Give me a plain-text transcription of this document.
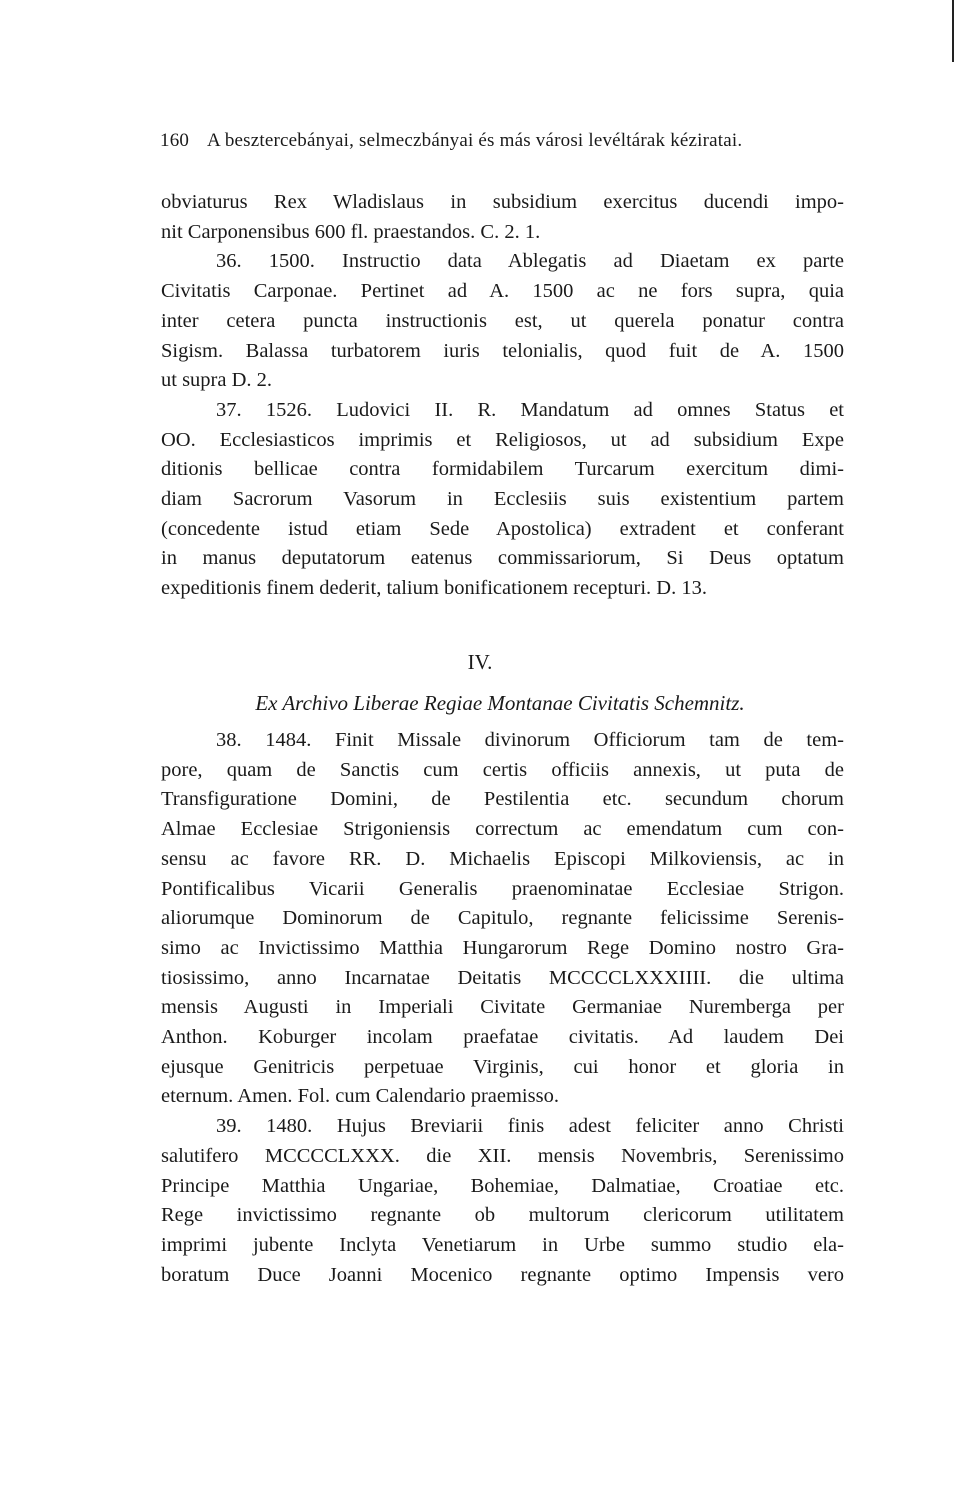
160 A besztercebányai, selmeczbányai és más városi levéltárak kéziratai.
obviaturus Rex Wladislaus in subsidium exercitus ducendi impo-
nit Carponensibus 600 fl. praestandos. C. 2. 1.
36. 1500. Instructio data Ablegatis ad Diaetam ex parte
Civitatis Carponae. Pertinet ad A. 1500 ac ne fors supra, quia
inter cetera puncta instructionis est, ut querela ponatur contra
Sigism. Balassa turbatorem iuris telonialis, quod fuit de A. 1500
ut supra D. 2.
37. 1526. Ludovici II. R. Mandatum ad omnes Status et
OO. Ecclesiasticos imprimis et Religiosos, ut ad subsidium Expe
ditionis bellicae contra formidabilem Turcarum exercitum dimi-
diam Sacrorum Vasorum in Ecclesiis suis existentium partem
(concedente istud etiam Sede Apostolica) extradent et conferant
in manus deputatorum eatenus commissariorum, Si Deus optatum
expeditionis finem dederit, talium bonificationem recepturi. D. 13.
IV.
Ex Archivo Liberae Regiae Montanae Civitatis Schemnitz.
38. 1484. Finit Missale divinorum Officiorum tam de tem-
pore, quam de Sanctis cum certis officiis annexis, ut puta de
Transfiguratione Domini, de Pestilentia etc. secundum chorum
Almae Ecclesiae Strigoniensis correctum ac emendatum cum con-
sensu ac favore RR. D. Michaelis Episcopi Milkoviensis, ac in
Pontificalibus Vicarii Generalis praenominatae Ecclesiae Strigon.
aliorumque Dominorum de Capitulo, regnante felicissime Serenis-
simo ac Invictissimo Matthia Hungarorum Rege Domino nostro Gra-
tiosissimo, anno Incarnatae Deitatis MCCCCLXXXIIII. die ultima
mensis Augusti in Imperiali Civitate Germaniae Nuremberga per
Anthon. Koburger incolam praefatae civitatis. Ad laudem Dei
ejusque Genitricis perpetuae Virginis, cui honor et gloria in
eternum. Amen. Fol. cum Calendario praemisso.
39. 1480. Hujus Breviarii finis adest feliciter anno Christi
salutifero MCCCCLXXX. die XII. mensis Novembris, Serenissimo
Principe Matthia Ungariae, Bohemiae, Dalmatiae, Croatiae etc.
Rege invictissimo regnante ob multorum clericorum utilitatem
imprimi jubente Inclyta Venetiarum in Urbe summo studio ela-
boratum Duce Joanni Mocenico regnante optimo Impensis vero
